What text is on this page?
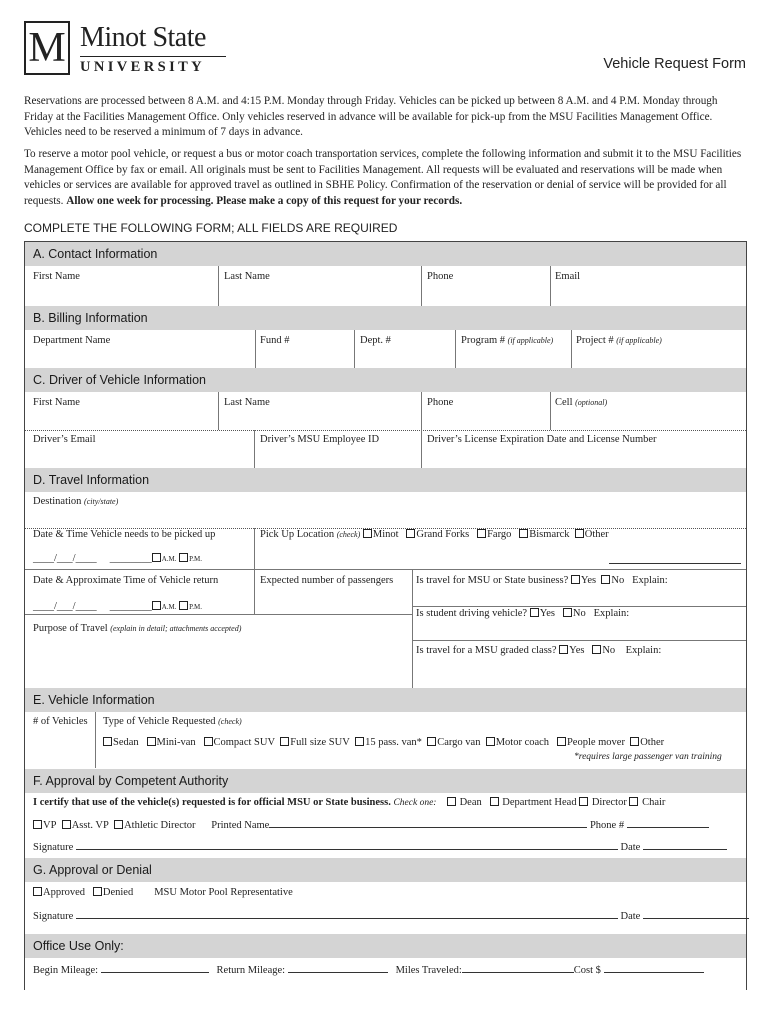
M Minot State
UNIVERSITY	Vehicle Request Form
Reservations are processed between 8 A.M. and 4:15 P.M. Monday through Friday. Vehicles can be picked up between 8 A.M. and 4 P.M. Monday through Friday at the Facilities Management Office. Only vehicles reserved in advance will be available for pick-up from the MSU Facilities Management Office. Vehicles need to be reserved a minimum of 7 days in advance.
To reserve a motor pool vehicle, or request a bus or motor coach transportation services, complete the following information and submit it to the MSU Facilities Management Office by fax or email. All originals must be sent to Facilities Management. All requests will be evaluated and reservations will be made when vehicles or services are available for approved travel as outlined in SBHE Policy. Confirmation of the reservation or denial of service will be provided for all requests. Allow one week for processing. Please make a copy of this request for your records.
COMPLETE THE FOLLOWING FORM; ALL FIELDS ARE REQUIRED
A. Contact Information
First Name	Last Name	Phone	Email
B. Billing Information
Department Name	Fund #	Dept. #	Program # (if applicable) Project # (if applicable)
C. Driver of Vehicle Information
First Name	Last Name	Phone	Cell (optional)
Driver’s Email	Driver’s MSU Employee ID	Driver’s License Expiration Date and License Number
D. Travel Information
Destination (city/state)
Date & Time Vehicle needs to be picked up
____/___/____ ________ A.M. P.M.
Pick Up Location (check) Minot Grand Forks Fargo Bismarck Other
Date & Approximate Time of Vehicle return
____/___/____ ________ A.M. P.M.
Expected number of passengers Is travel for MSU or State business? Yes No Explain:
Is student driving vehicle? Yes No Explain:
Purpose of Travel (explain in detail; attachments accepted)
Is travel for a MSU graded class? Yes No Explain:
E. Vehicle Information
# of Vehicles Type of Vehicle Requested (check)
Sedan Mini-van Compact SUV Full size SUV 15 pass. van* Cargo van Motor coach People mover Other
*requires large passenger van training
F. Approval by Competent Authority
I certify that use of the vehicle(s) requested is for official MSU or State business. Check one: Dean Department Head Director Chair
VP Asst. VP Athletic Director Printed Name	Phone #
Signature	Date
G. Approval or Denial
Approved Denied MSU Motor Pool Representative
Signature	Date
Office Use Only:
Begin Mileage:	Return Mileage:	Miles Traveled:	Cost $
